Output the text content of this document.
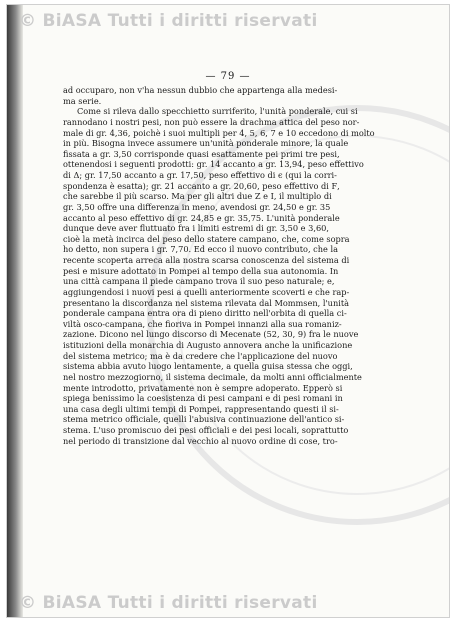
© BiASA Tutti i diritti riservati
— 79 —
ad occuparo, non v'ha nessun dubbio che appartenga alla medesi-
ma serie.
Come si rileva dallo specchietto surriferito, l'unità ponderale, cui si
rannodano i nostri pesi, non può essere la drachma attica del peso nor-
male di gr. 4,36, poichè i suoi multipli per 4, 5, 6, 7 e 10 eccedono di molto
in più. Bisogna invece assumere un'unità ponderale minore, la quale
fissata a gr. 3,50 corrisponde quasi esattamente pei primi tre pesi,
ottenendosi i seguenti prodotti: gr. 14 accanto a gr. 13,94, peso effettivo
di Δ; gr. 17,50 accanto a gr. 17,50, peso effettivo di є (qui la corri-
spondenza è esatta); gr. 21 accanto a gr. 20,60, peso effettivo di Ϝ,
che sarebbe il più scarso. Ma per gli altri due Z e I, il multiplo di
gr. 3,50 offre una differenza in meno, avendosi gr. 24,50 e gr. 35
accanto al peso effettivo di gr. 24,85 e gr. 35,75. L'unità ponderale
dunque deve aver fluttuato fra i limiti estremi di gr. 3,50 e 3,60,
cioè la metà incirca del peso dello statere campano, che, come sopra
ho detto, non supera i gr. 7,70. Ed ecco il nuovo contributo, che la
recente scoperta arreca alla nostra scarsa conoscenza del sistema di
pesi e misure adottato in Pompei al tempo della sua autonomia. In
una città campana il piede campano trova il suo peso naturale; e,
aggiungendosi i nuovi pesi a quelli anteriormente scoverti e che rap-
presentano la discordanza nel sistema rilevata dal Mommsen, l'unità
ponderale campana entra ora di pieno diritto nell'orbita di quella ci-
viltà osco-campana, che fioriva in Pompei innanzi alla sua romaniz-
zazione. Dicono nel lungo discorso di Mecenate (52, 30, 9) fra le nuove
istituzioni della monarchia di Augusto annovera anche la unificazione
del sistema metrico; ma è da credere che l'applicazione del nuovo
sistema abbia avuto luogo lentamente, a quella guisa stessa che oggi,
nel nostro mezzogiorno, il sistema decimale, da molti anni officialmente
mente introdotto, privatamente non è sempre adoperato. Epperò si
spiega benissimo la coesistenza di pesi campani e di pesi romani in
una casa degli ultimi tempi di Pompei, rappresentando questi il si-
stema metrico officiale, quelli l'abusiva continuazione dell'antico si-
stema. L'uso promiscuo dei pesi officiali e dei pesi locali, soprattutto
nel periodo di transizione dal vecchio al nuovo ordine di cose, tro-
© BiASA Tutti i diritti riservati
